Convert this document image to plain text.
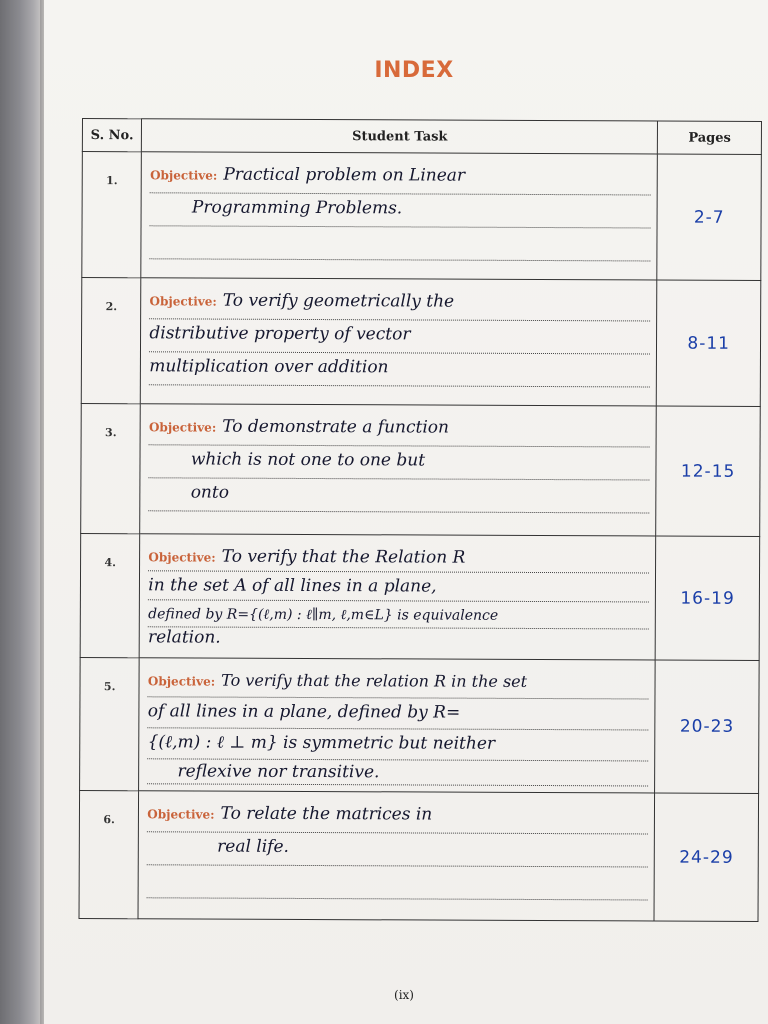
INDEX
S. No.	Student Task	Pages
1.	Objective: Practical problem on Linear
Programming Problems.	2-7
2.	Objective: To verify geometrically the
distributive property of vector
multiplication over addition	8-11
3.	Objective: To demonstrate a function
which is not one to one but
onto	12-15
4.	Objective: To verify that the Relation R
in the set A of all lines in a plane,
defined by R={(ℓ,m) : ℓ∥m, ℓ,m∈L} is equivalence
relation.	16-19
5.	Objective: To verify that the relation R in the set
of all lines in a plane, defined by R=
{(ℓ,m) : ℓ ⊥ m} is symmetric but neither
reflexive nor transitive.	20-23
6.	Objective: To relate the matrices in
real life.	24-29
(ix)
